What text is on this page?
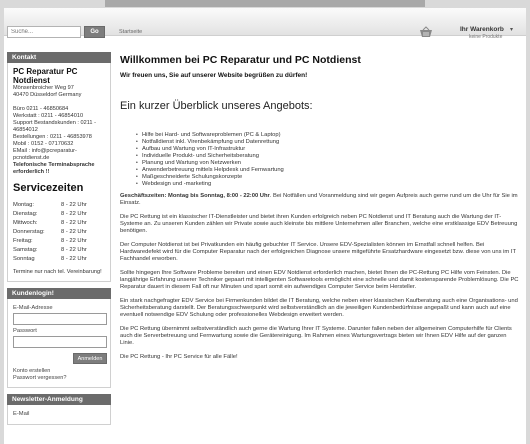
Suche...
Go	Startseite	Ihr Warenkorb ▾
keine Produkte
Kontakt
PC Reparatur PC Notdienst
Mönsenbroicher Weg 97
40470 Düsseldorf Germany
Büro 0211 - 46850684
Werkstatt : 0211 - 46854010
Support Bestandskunden : 0211 - 46854012
Bestellungen : 0211 - 46853978
Mobil : 0152 - 07170632
EMail : info@pcreparatur-pcnotdienst.de
Telefonische Terminabsprache erforderlich !!
Servicezeiten
Montag:	8 - 22 Uhr
Dienstag:	8 - 22 Uhr
Mittwoch:	8 - 22 Uhr
Donnerstag:	8 - 22 Uhr
Freitag:	8 - 22 Uhr
Samstag:	8 - 22 Uhr
Sonntag	8 - 22 Uhr
Termine nur nach tel. Vereinbarung!
Kundenlogin!
E-Mail-Adresse
Passwort
Anmelden
Konto erstellen
Passwort vergessen?
Newsletter-Anmeldung
E-Mail
Willkommen bei PC Reparatur und PC Notdienst
Wir freuen uns, Sie auf unserer Website begrüßen zu dürfen!
Ein kurzer Überblick unseres Angebots:
• Hilfe bei Hard- und Softwareproblemen (PC & Laptop)
• Notfalldienst inkl. Virenbekämpfung und Datenrettung
• Aufbau und Wartung von IT-Infrastruktur
• Individuelle Produkt- und Sicherheitsberatung
• Planung und Wartung von Netzwerken
• Anwenderbetreuung mittels Helpdesk und Fernwartung
• Maßgeschneiderte Schulungskonzepte
• Webdesign und -marketing
Geschäftszeiten: Montag bis Sonntag, 8:00 - 22:00 Uhr. Bei Notfällen und Voranmeldung sind wir gegen Aufpreis auch gerne rund um die Uhr für Sie im Einsatz.
Die PC Rettung ist ein klassischer IT-Dienstleister und bietet ihren Kunden erfolgreich neben PC Notdienst und IT Beratung auch die Wartung der IT-Systeme an. Zu unseren Kunden zählen wir Private sowie auch kleinste bis mittlere Unternehmen aller Branchen, welche eine erstklassige EDV Betreuung benötigen.
Der Computer Notdienst ist bei Privatkunden ein häufig gebuchter IT Service. Unsere EDV-Spezialisten können im Ernstfall schnell helfen. Bei Hardwaredefekt wird für die Computer Reparatur nach der erfolgreichen Diagnose unsere mitgeführte Ersatzhardware eingesetzt bzw. diese von uns im IT Fachhandel erworben.
Sollte hingegen Ihre Software Probleme bereiten und einen EDV Notdienst erforderlich machen, bietet Ihnen die PC-Rettung PC Hilfe vom Feinsten. Die langjährige Erfahrung unserer Techniker gepaart mit intelligenten Softwaretools ermöglicht eine schnelle und damit kostensparende Problemlösung. Die PC Reparatur dauert in diesem Fall oft nur Minuten und spart somit ein aufwendiges Computer Service beim Hersteller.
Ein stark nachgefragter EDV Service bei Firmenkunden bildet die IT Beratung, welche neben einer klassischen Kaufberatung auch eine Organisations- und Sicherheitsberatung darstellt. Der Beratungsschwerpunkt wird selbstverständlich an die jeweiligen Kundenbedürfnisse angepaßt und kann auch auf eine eventuell notwendige EDV Schulung oder professionelles Webdesign erweitert werden.
Die PC Rettung übernimmt selbstverständlich auch gerne die Wartung Ihrer IT Systeme. Darunter fallen neben der allgemeinen Computerhilfe für Clients auch die Serverbetreuung und Fernwartung sowie die Gerätereinigung. Im Rahmen eines Wartungsvertrags bieten wir Ihnen EDV Hilfe auf der ganzen Linie.
Die PC Rettung - Ihr PC Service für alle Fälle!
